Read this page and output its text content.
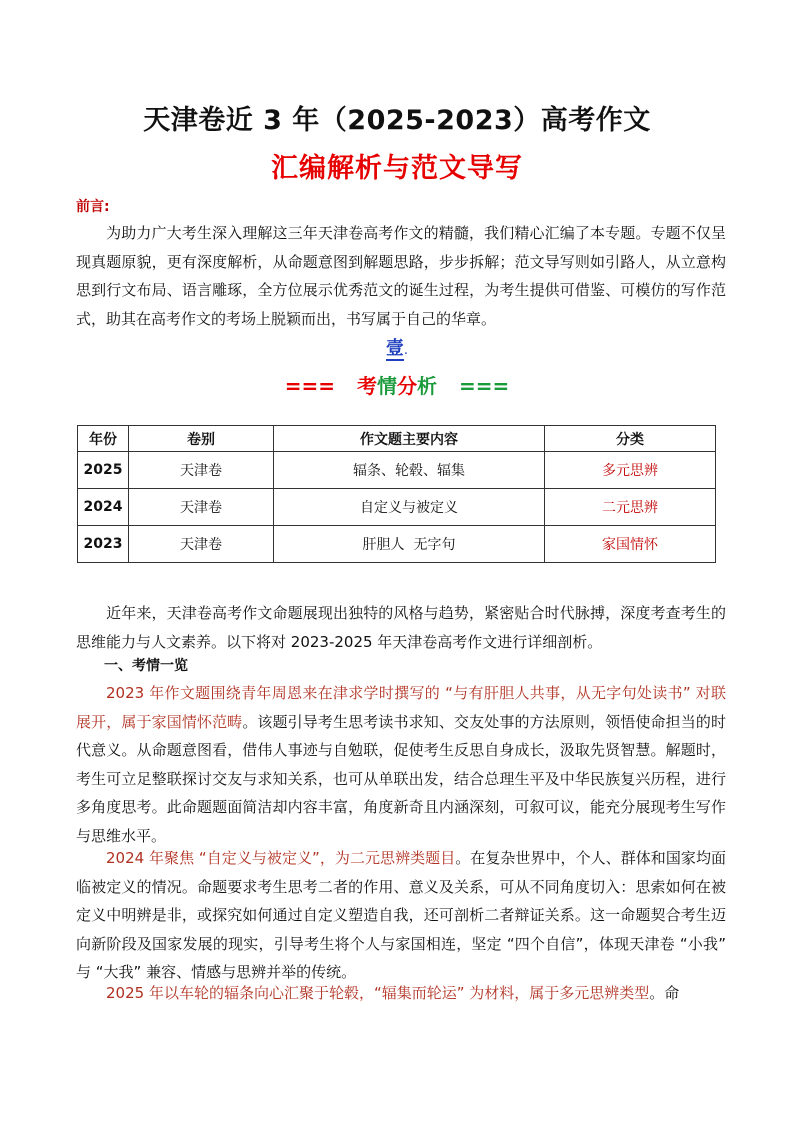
天津卷近 3 年（2025-2023）高考作文
汇编解析与范文导写
前言:
为助力广大考生深入理解这三年天津卷高考作文的精髓，我们精心汇编了本专题。专题不仅呈现真题原貌，更有深度解析，从命题意图到解题思路，步步拆解；范文导写则如引路人，从立意构思到行文布局、语言雕琢，全方位展示优秀范文的诞生过程，为考生提供可借鉴、可模仿的写作范式，助其在高考作文的考场上脱颖而出，书写属于自己的华章。
壹.
=== 考情分析 ===
年份	卷别	作文题主要内容	分类
2025	天津卷	辐条、轮毂、辐集	多元思辨
2024	天津卷	自定义与被定义	二元思辨
2023	天津卷	肝胆人  无字句	家国情怀
近年来，天津卷高考作文命题展现出独特的风格与趋势，紧密贴合时代脉搏，深度考查考生的思维能力与人文素养。以下将对 2023-2025 年天津卷高考作文进行详细剖析。
一、考情一览
2023 年作文题围绕青年周恩来在津求学时撰写的 “与有肝胆人共事，从无字句处读书” 对联展开，属于家国情怀范畴。该题引导考生思考读书求知、交友处事的方法原则，领悟使命担当的时代意义。从命题意图看，借伟人事迹与自勉联，促使考生反思自身成长，汲取先贤智慧。解题时，考生可立足整联探讨交友与求知关系，也可从单联出发，结合总理生平及中华民族复兴历程，进行多角度思考。此命题题面简洁却内容丰富，角度新奇且内涵深刻，可叙可议，能充分展现考生写作与思维水平。
2024 年聚焦 “自定义与被定义”，为二元思辨类题目。在复杂世界中，个人、群体和国家均面临被定义的情况。命题要求考生思考二者的作用、意义及关系，可从不同角度切入：思索如何在被定义中明辨是非，或探究如何通过自定义塑造自我，还可剖析二者辩证关系。这一命题契合考生迈向新阶段及国家发展的现实，引导考生将个人与家国相连，坚定 “四个自信”，体现天津卷 “小我” 与 “大我” 兼容、情感与思辨并举的传统。
2025 年以车轮的辐条向心汇聚于轮毂，“辐集而轮运” 为材料，属于多元思辨类型。命
